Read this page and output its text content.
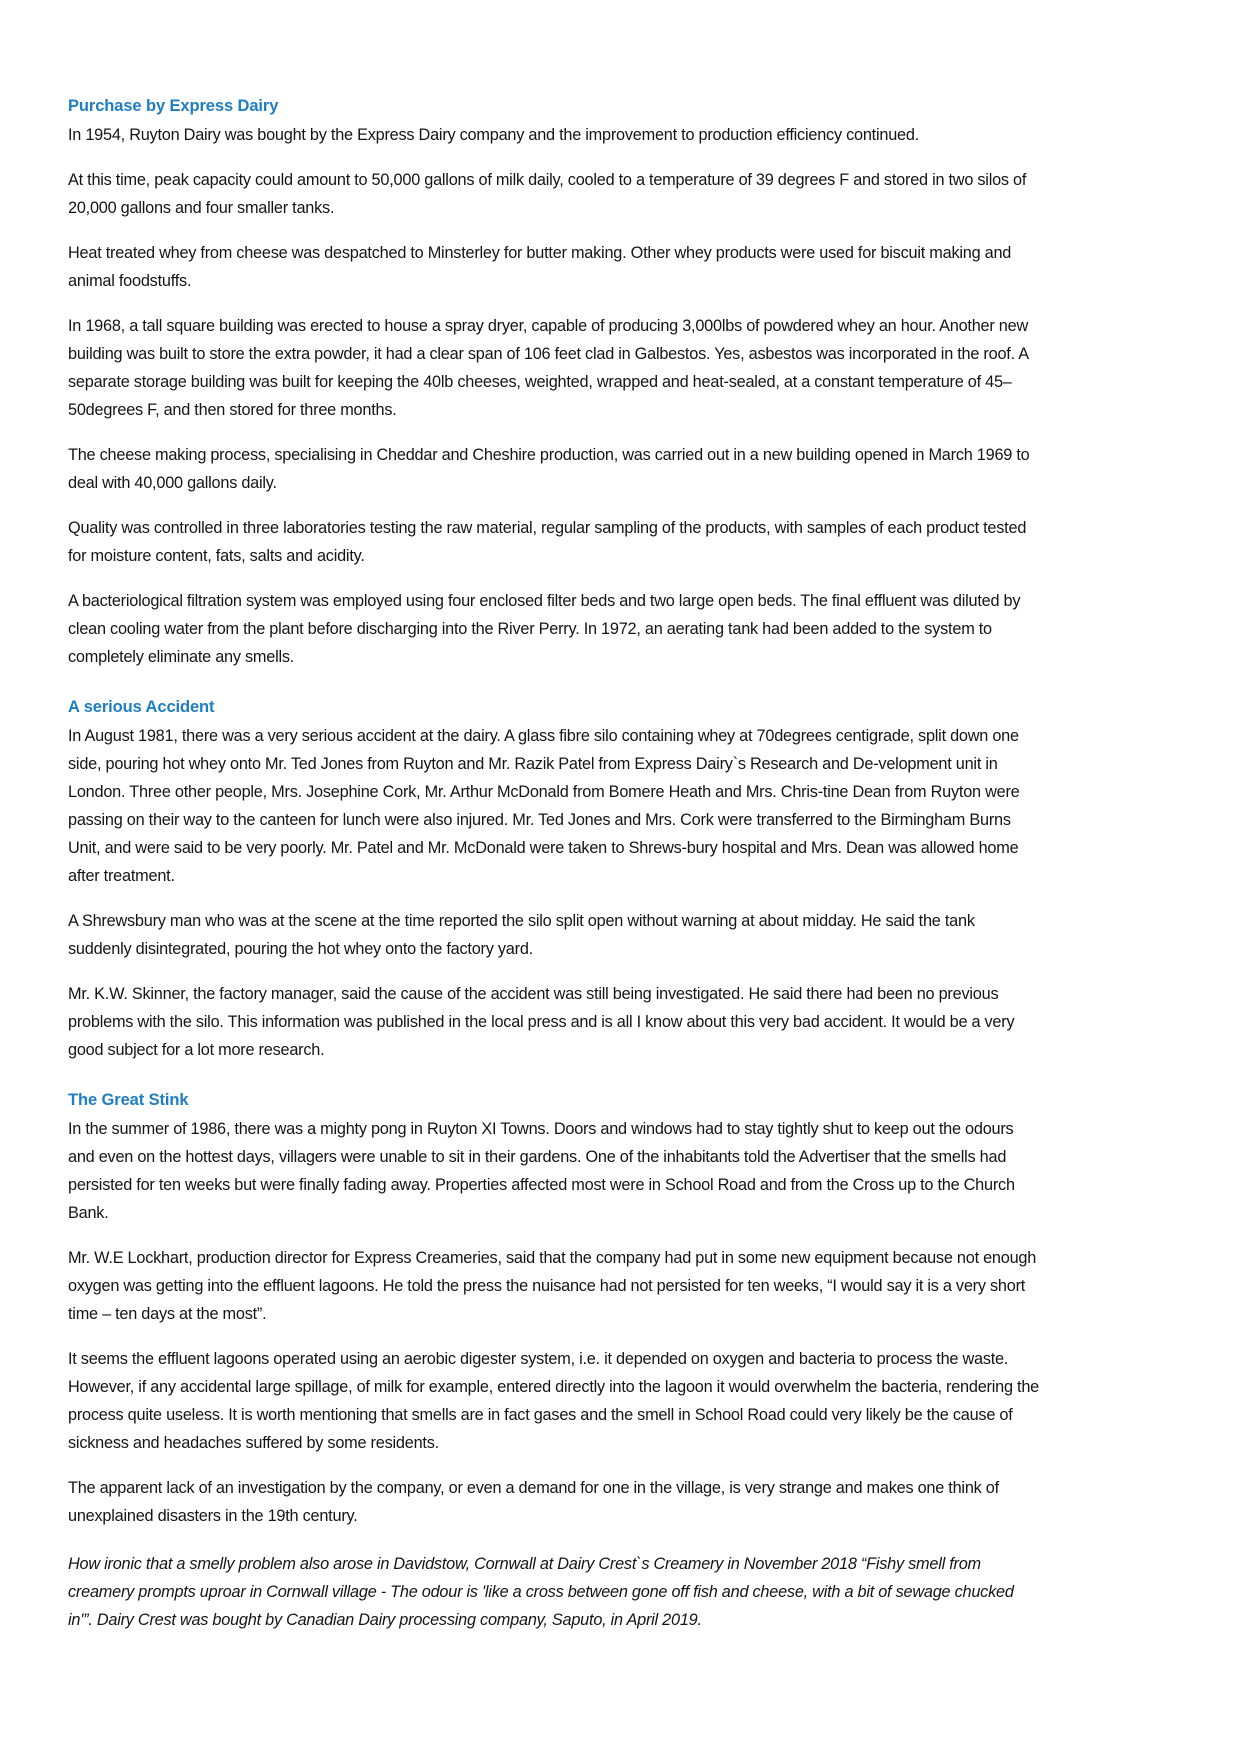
Purchase by Express Dairy

In 1954, Ruyton Dairy was bought by the Express Dairy company and the improvement to production efficiency continued.

At this time, peak capacity could amount to 50,000 gallons of milk daily, cooled to a temperature of 39 degrees F and stored in two silos of 20,000 gallons and four smaller tanks.

Heat treated whey from cheese was despatched to Minsterley for butter making. Other whey products were used for biscuit making and animal foodstuffs.

In 1968, a tall square building was erected to house a spray dryer, capable of producing 3,000lbs of powdered whey an hour. Another new building was built to store the extra powder, it had a clear span of 106 feet clad in Galbestos. Yes, asbestos was incorporated in the roof. A separate storage building was built for keeping the 40lb cheeses, weighted, wrapped and heat-sealed, at a constant temperature of 45–50degrees F, and then stored for three months.

The cheese making process, specialising in Cheddar and Cheshire production, was carried out in a new building opened in March 1969 to deal with 40,000 gallons daily.

Quality was controlled in three laboratories testing the raw material, regular sampling of the products, with samples of each product tested for moisture content, fats, salts and acidity.

A bacteriological filtration system was employed using four enclosed filter beds and two large open beds. The final effluent was diluted by clean cooling water from the plant before discharging into the River Perry. In 1972, an aerating tank had been added to the system to completely eliminate any smells.

A serious Accident

In August 1981, there was a very serious accident at the dairy. A glass fibre silo containing whey at 70degrees centigrade, split down one side, pouring hot whey onto Mr. Ted Jones from Ruyton and Mr. Razik Patel from Express Dairy`s Research and De-velopment unit in London. Three other people, Mrs. Josephine Cork, Mr. Arthur McDonald from Bomere Heath and Mrs. Chris-tine Dean from Ruyton were passing on their way to the canteen for lunch were also injured. Mr. Ted Jones and Mrs. Cork were transferred to the Birmingham Burns Unit, and were said to be very poorly. Mr. Patel and Mr. McDonald were taken to Shrews-bury hospital and Mrs. Dean was allowed home after treatment.

A Shrewsbury man who was at the scene at the time reported the silo split open without warning at about midday. He said the tank suddenly disintegrated, pouring the hot whey onto the factory yard.

Mr. K.W. Skinner, the factory manager, said the cause of the accident was still being investigated. He said there had been no previous problems with the silo. This information was published in the local press and is all I know about this very bad accident. It would be a very good subject for a lot more research.

The Great Stink

In the summer of 1986, there was a mighty pong in Ruyton XI Towns. Doors and windows had to stay tightly shut to keep out the odours and even on the hottest days, villagers were unable to sit in their gardens. One of the inhabitants told the Advertiser that the smells had persisted for ten weeks but were finally fading away. Properties affected most were in School Road and from the Cross up to the Church Bank.

Mr. W.E Lockhart, production director for Express Creameries, said that the company had put in some new equipment because not enough oxygen was getting into the effluent lagoons. He told the press the nuisance had not persisted for ten weeks, “I would say it is a very short time – ten days at the most”.

It seems the effluent lagoons operated using an aerobic digester system, i.e. it depended on oxygen and bacteria to process the waste. However, if any accidental large spillage, of milk for example, entered directly into the lagoon it would overwhelm the bacteria, rendering the process quite useless. It is worth mentioning that smells are in fact gases and the smell in School Road could very likely be the cause of sickness and headaches suffered by some residents.

The apparent lack of an investigation by the company, or even a demand for one in the village, is very strange and makes one think of unexplained disasters in the 19th century.

How ironic that a smelly problem also arose in Davidstow, Cornwall at Dairy Crest`s Creamery in November 2018 “Fishy smell from creamery prompts uproar in Cornwall village - The odour is 'like a cross between gone off fish and cheese, with a bit of sewage chucked in'”. Dairy Crest was bought by Canadian Dairy processing company, Saputo, in April 2019.
